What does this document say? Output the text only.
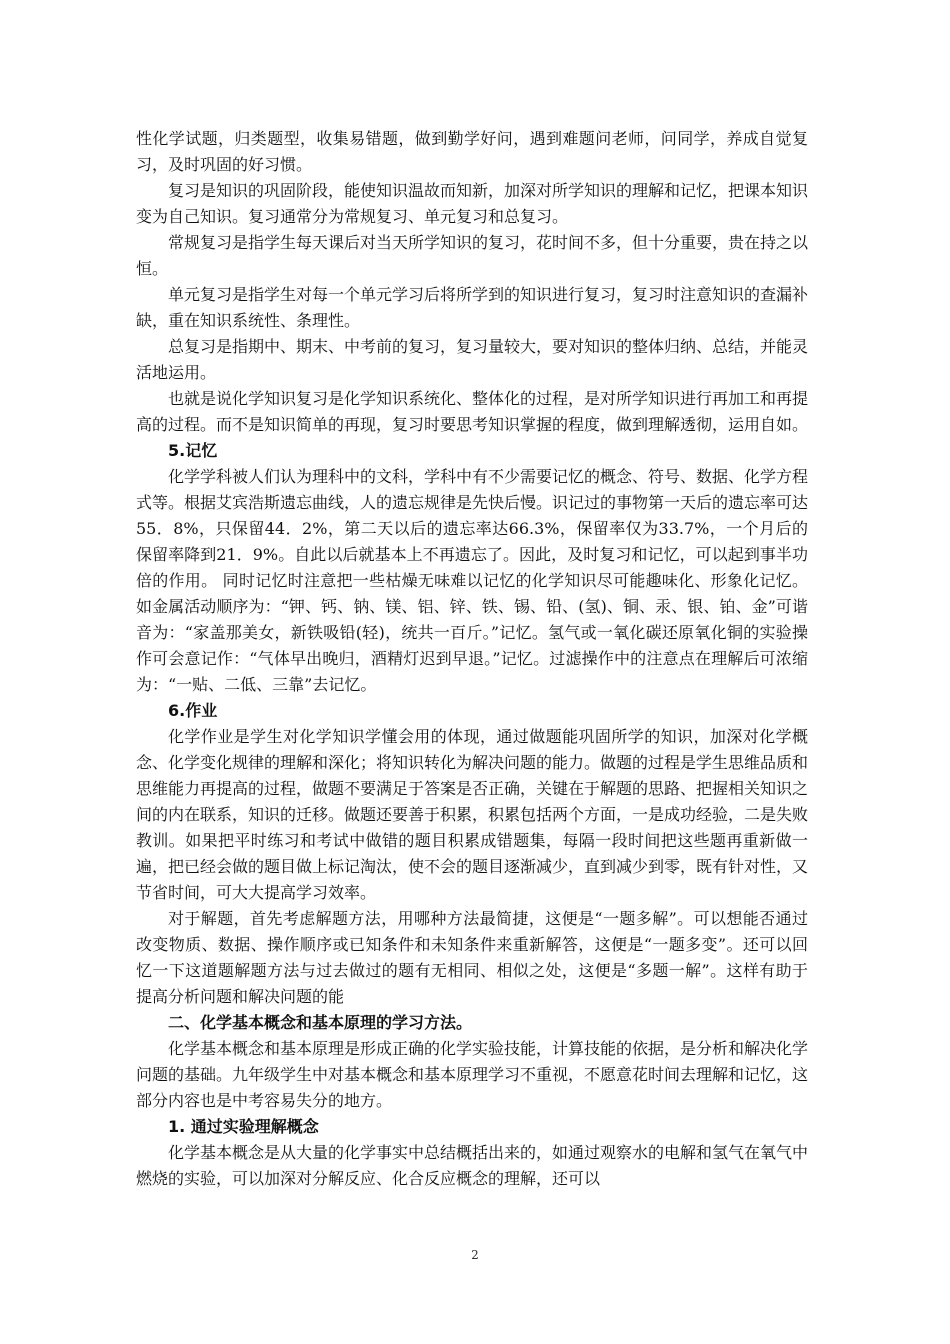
性化学试题，归类题型，收集易错题，做到勤学好问，遇到难题问老师，问同学，养成自觉复习，及时巩固的好习惯。

复习是知识的巩固阶段，能使知识温故而知新，加深对所学知识的理解和记忆，把课本知识变为自己知识。复习通常分为常规复习、单元复习和总复习。

常规复习是指学生每天课后对当天所学知识的复习，花时间不多，但十分重要，贵在持之以恒。

单元复习是指学生对每一个单元学习后将所学到的知识进行复习，复习时注意知识的查漏补缺，重在知识系统性、条理性。

总复习是指期中、期末、中考前的复习，复习量较大，要对知识的整体归纳、总结，并能灵活地运用。

也就是说化学知识复习是化学知识系统化、整体化的过程，是对所学知识进行再加工和再提高的过程。而不是知识简单的再现，复习时要思考知识掌握的程度，做到理解透彻，运用自如。

5.记忆

化学学科被人们认为理科中的文科，学科中有不少需要记忆的概念、符号、数据、化学方程式等。根据艾宾浩斯遗忘曲线，人的遗忘规律是先快后慢。识记过的事物第一天后的遗忘率可达55．8%，只保留44．2%，第二天以后的遗忘率达66.3%，保留率仅为33.7%，一个月后的保留率降到21．9%。自此以后就基本上不再遗忘了。因此，及时复习和记忆，可以起到事半功倍的作用。 同时记忆时注意把一些枯燥无味难以记忆的化学知识尽可能趣味化、形象化记忆。如金属活动顺序为：“钾、钙、钠、镁、铝、锌、铁、锡、铅、(氢)、铜、汞、银、铂、金”可谐音为：“家盖那美女，新铁吸铅(轻)，统共一百斤。”记忆。氢气或一氧化碳还原氧化铜的实验操作可会意记作：“气体早出晚归，酒精灯迟到早退。”记忆。过滤操作中的注意点在理解后可浓缩为：“一贴、二低、三靠”去记忆。

6.作业

化学作业是学生对化学知识学懂会用的体现，通过做题能巩固所学的知识，加深对化学概念、化学变化规律的理解和深化；将知识转化为解决问题的能力。做题的过程是学生思维品质和思维能力再提高的过程，做题不要满足于答案是否正确，关键在于解题的思路、把握相关知识之间的内在联系，知识的迁移。做题还要善于积累，积累包括两个方面，一是成功经验，二是失败教训。如果把平时练习和考试中做错的题目积累成错题集，每隔一段时间把这些题再重新做一遍，把已经会做的题目做上标记淘汰，使不会的题目逐渐减少，直到减少到零，既有针对性，又节省时间，可大大提高学习效率。

对于解题，首先考虑解题方法，用哪种方法最简捷，这便是“一题多解”。可以想能否通过改变物质、数据、操作顺序或已知条件和未知条件来重新解答，这便是“一题多变”。还可以回忆一下这道题解题方法与过去做过的题有无相同、相似之处，这便是“多题一解”。这样有助于提高分析问题和解决问题的能

二、化学基本概念和基本原理的学习方法。

化学基本概念和基本原理是形成正确的化学实验技能，计算技能的依据，是分析和解决化学问题的基础。九年级学生中对基本概念和基本原理学习不重视，不愿意花时间去理解和记忆，这部分内容也是中考容易失分的地方。

1. 通过实验理解概念

化学基本概念是从大量的化学事实中总结概括出来的，如通过观察水的电解和氢气在氧气中燃烧的实验，可以加深对分解反应、化合反应概念的理解，还可以

2
